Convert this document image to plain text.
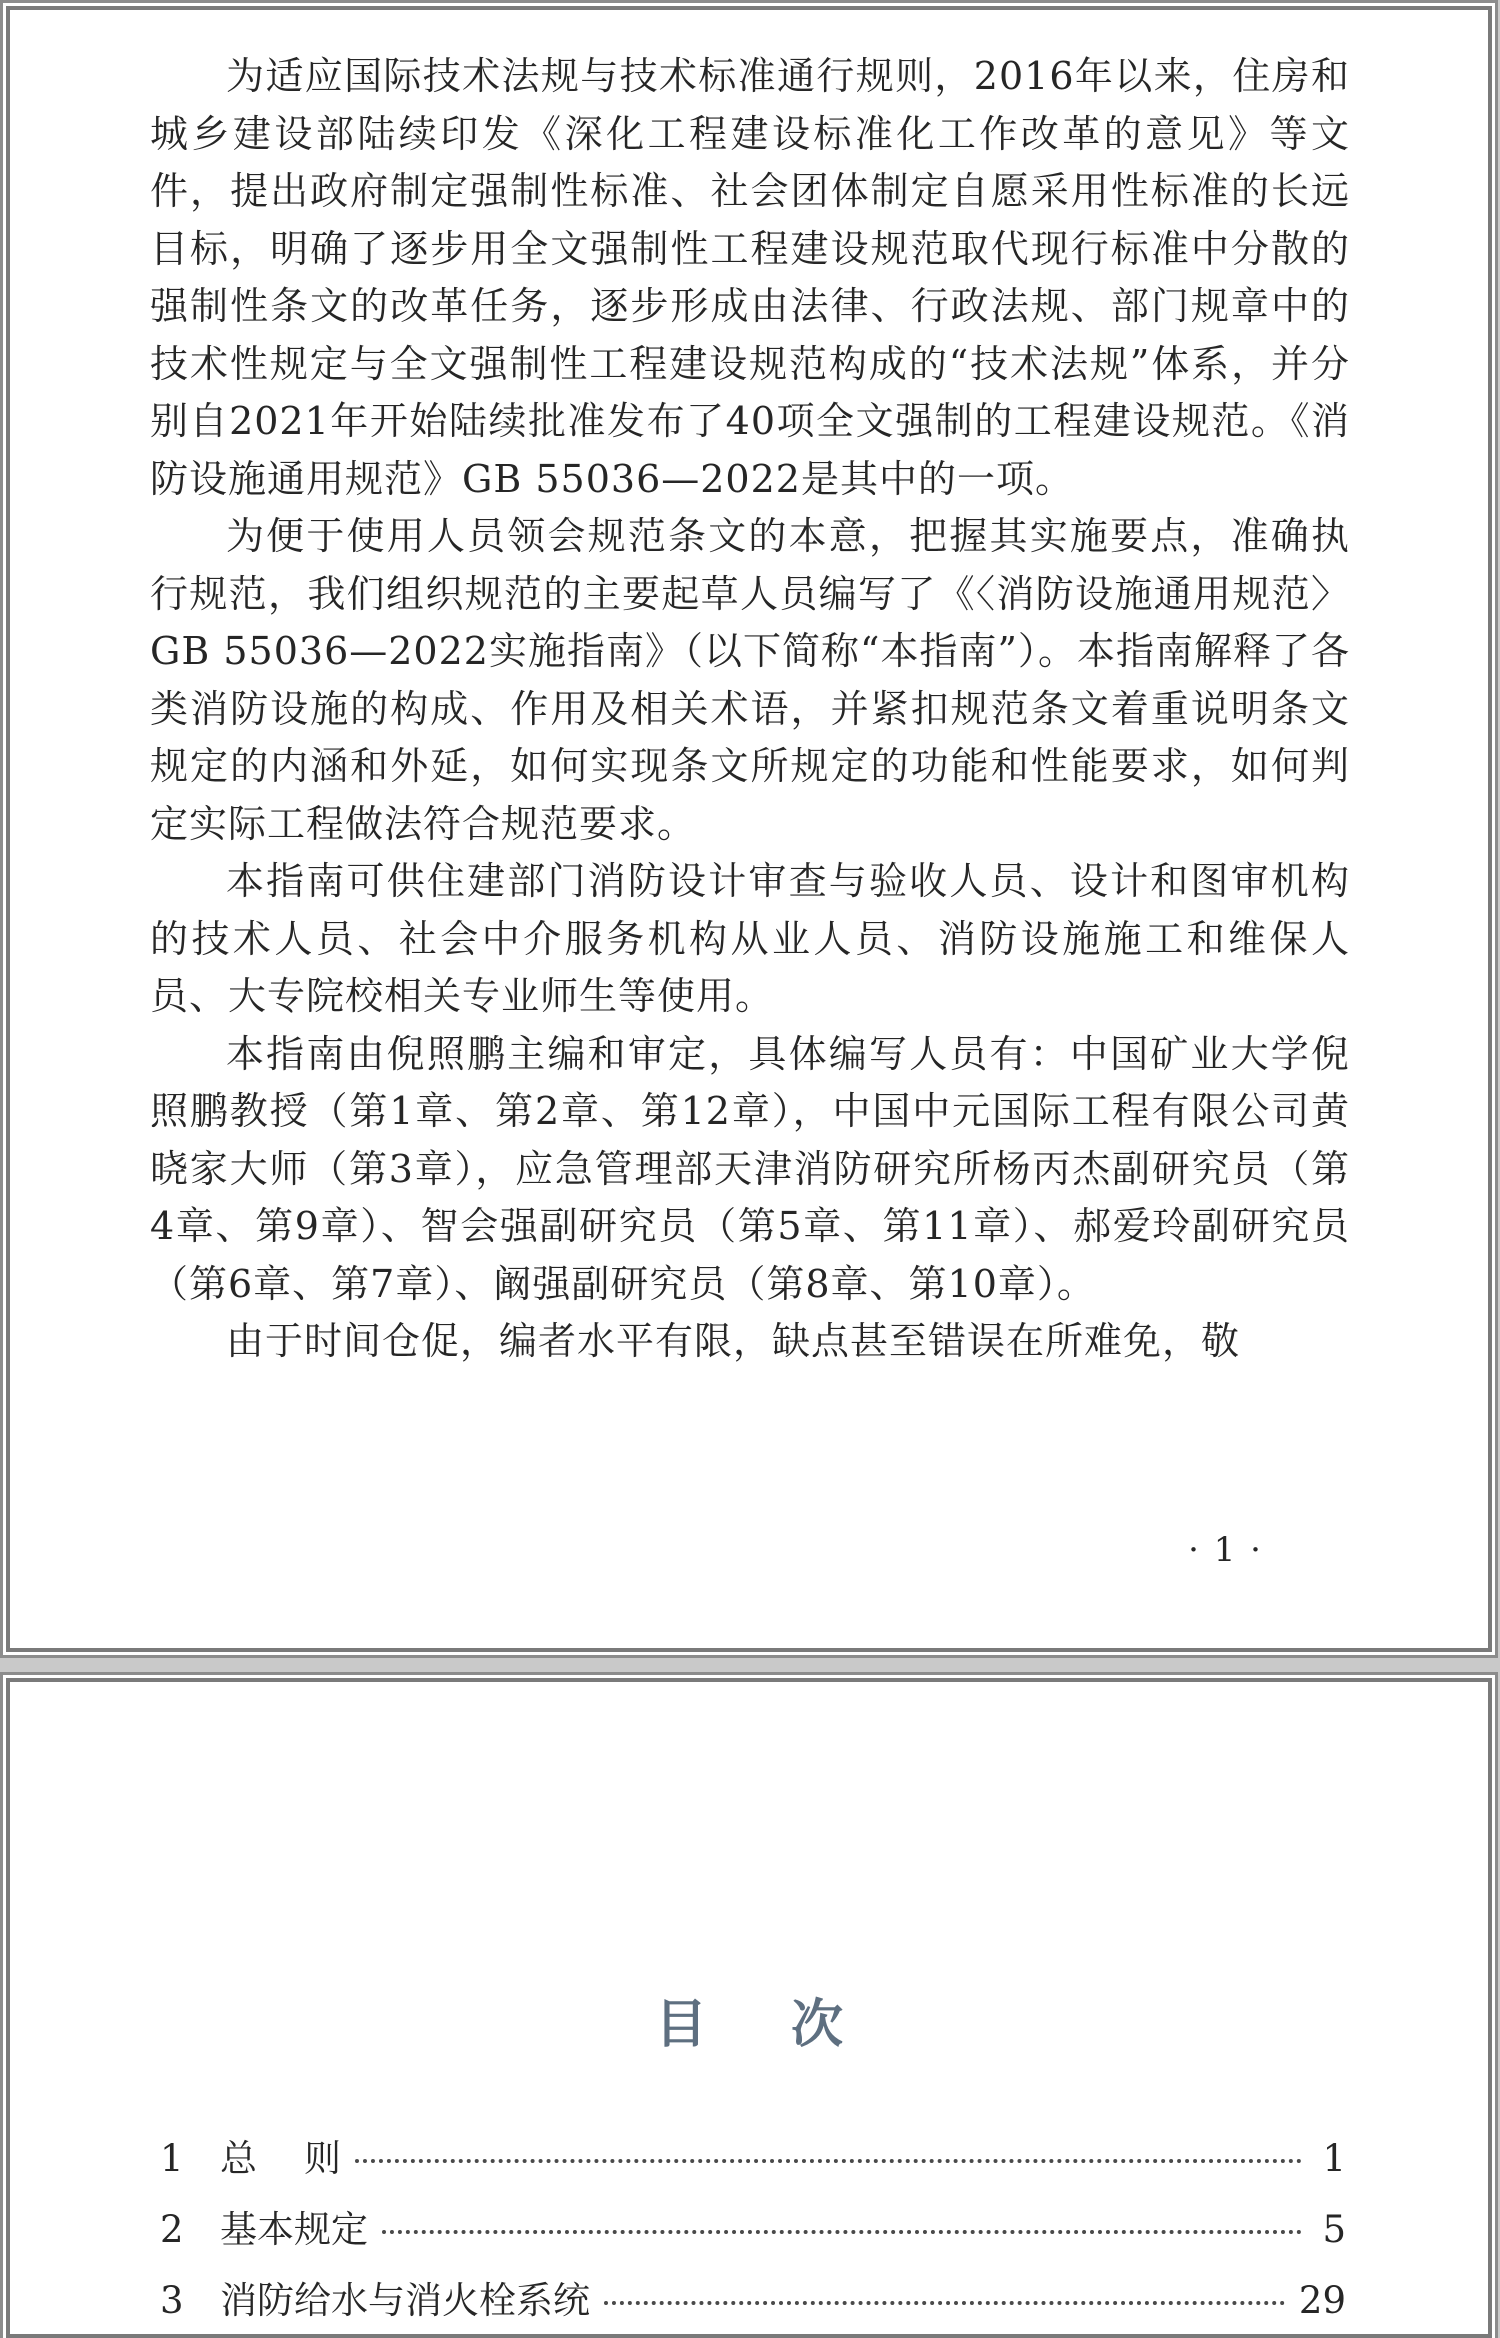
为适应国际技术法规与技术标准通行规则，2016年以来，住房和城乡建设部陆续印发《深化工程建设标准化工作改革的意见》等文件，提出政府制定强制性标准、社会团体制定自愿采用性标准的长远目标，明确了逐步用全文强制性工程建设规范取代现行标准中分散的强制性条文的改革任务，逐步形成由法律、行政法规、部门规章中的技术性规定与全文强制性工程建设规范构成的“技术法规”体系，并分别自2021年开始陆续批准发布了40项全文强制的工程建设规范。《消防设施通用规范》GB 55036—2022是其中的一项。

为便于使用人员领会规范条文的本意，把握其实施要点，准确执行规范，我们组织规范的主要起草人员编写了《〈消防设施通用规范〉GB 55036—2022实施指南》（以下简称“本指南”）。本指南解释了各类消防设施的构成、作用及相关术语，并紧扣规范条文着重说明条文规定的内涵和外延，如何实现条文所规定的功能和性能要求，如何判定实际工程做法符合规范要求。

本指南可供住建部门消防设计审查与验收人员、设计和图审机构的技术人员、社会中介服务机构从业人员、消防设施施工和维保人员、大专院校相关专业师生等使用。

本指南由倪照鹏主编和审定，具体编写人员有：中国矿业大学倪照鹏教授（第1章、第2章、第12章），中国中元国际工程有限公司黄晓家大师（第3章），应急管理部天津消防研究所杨丙杰副研究员（第4章、第9章）、智会强副研究员（第5章、第11章）、郝爱玲副研究员（第6章、第7章）、阚强副研究员（第8章、第10章）。

由于时间仓促，编者水平有限，缺点甚至错误在所难免，敬

· 1 ·
目次
1 总    则	1
2 基本规定	5
3 消防给水与消火栓系统	29
